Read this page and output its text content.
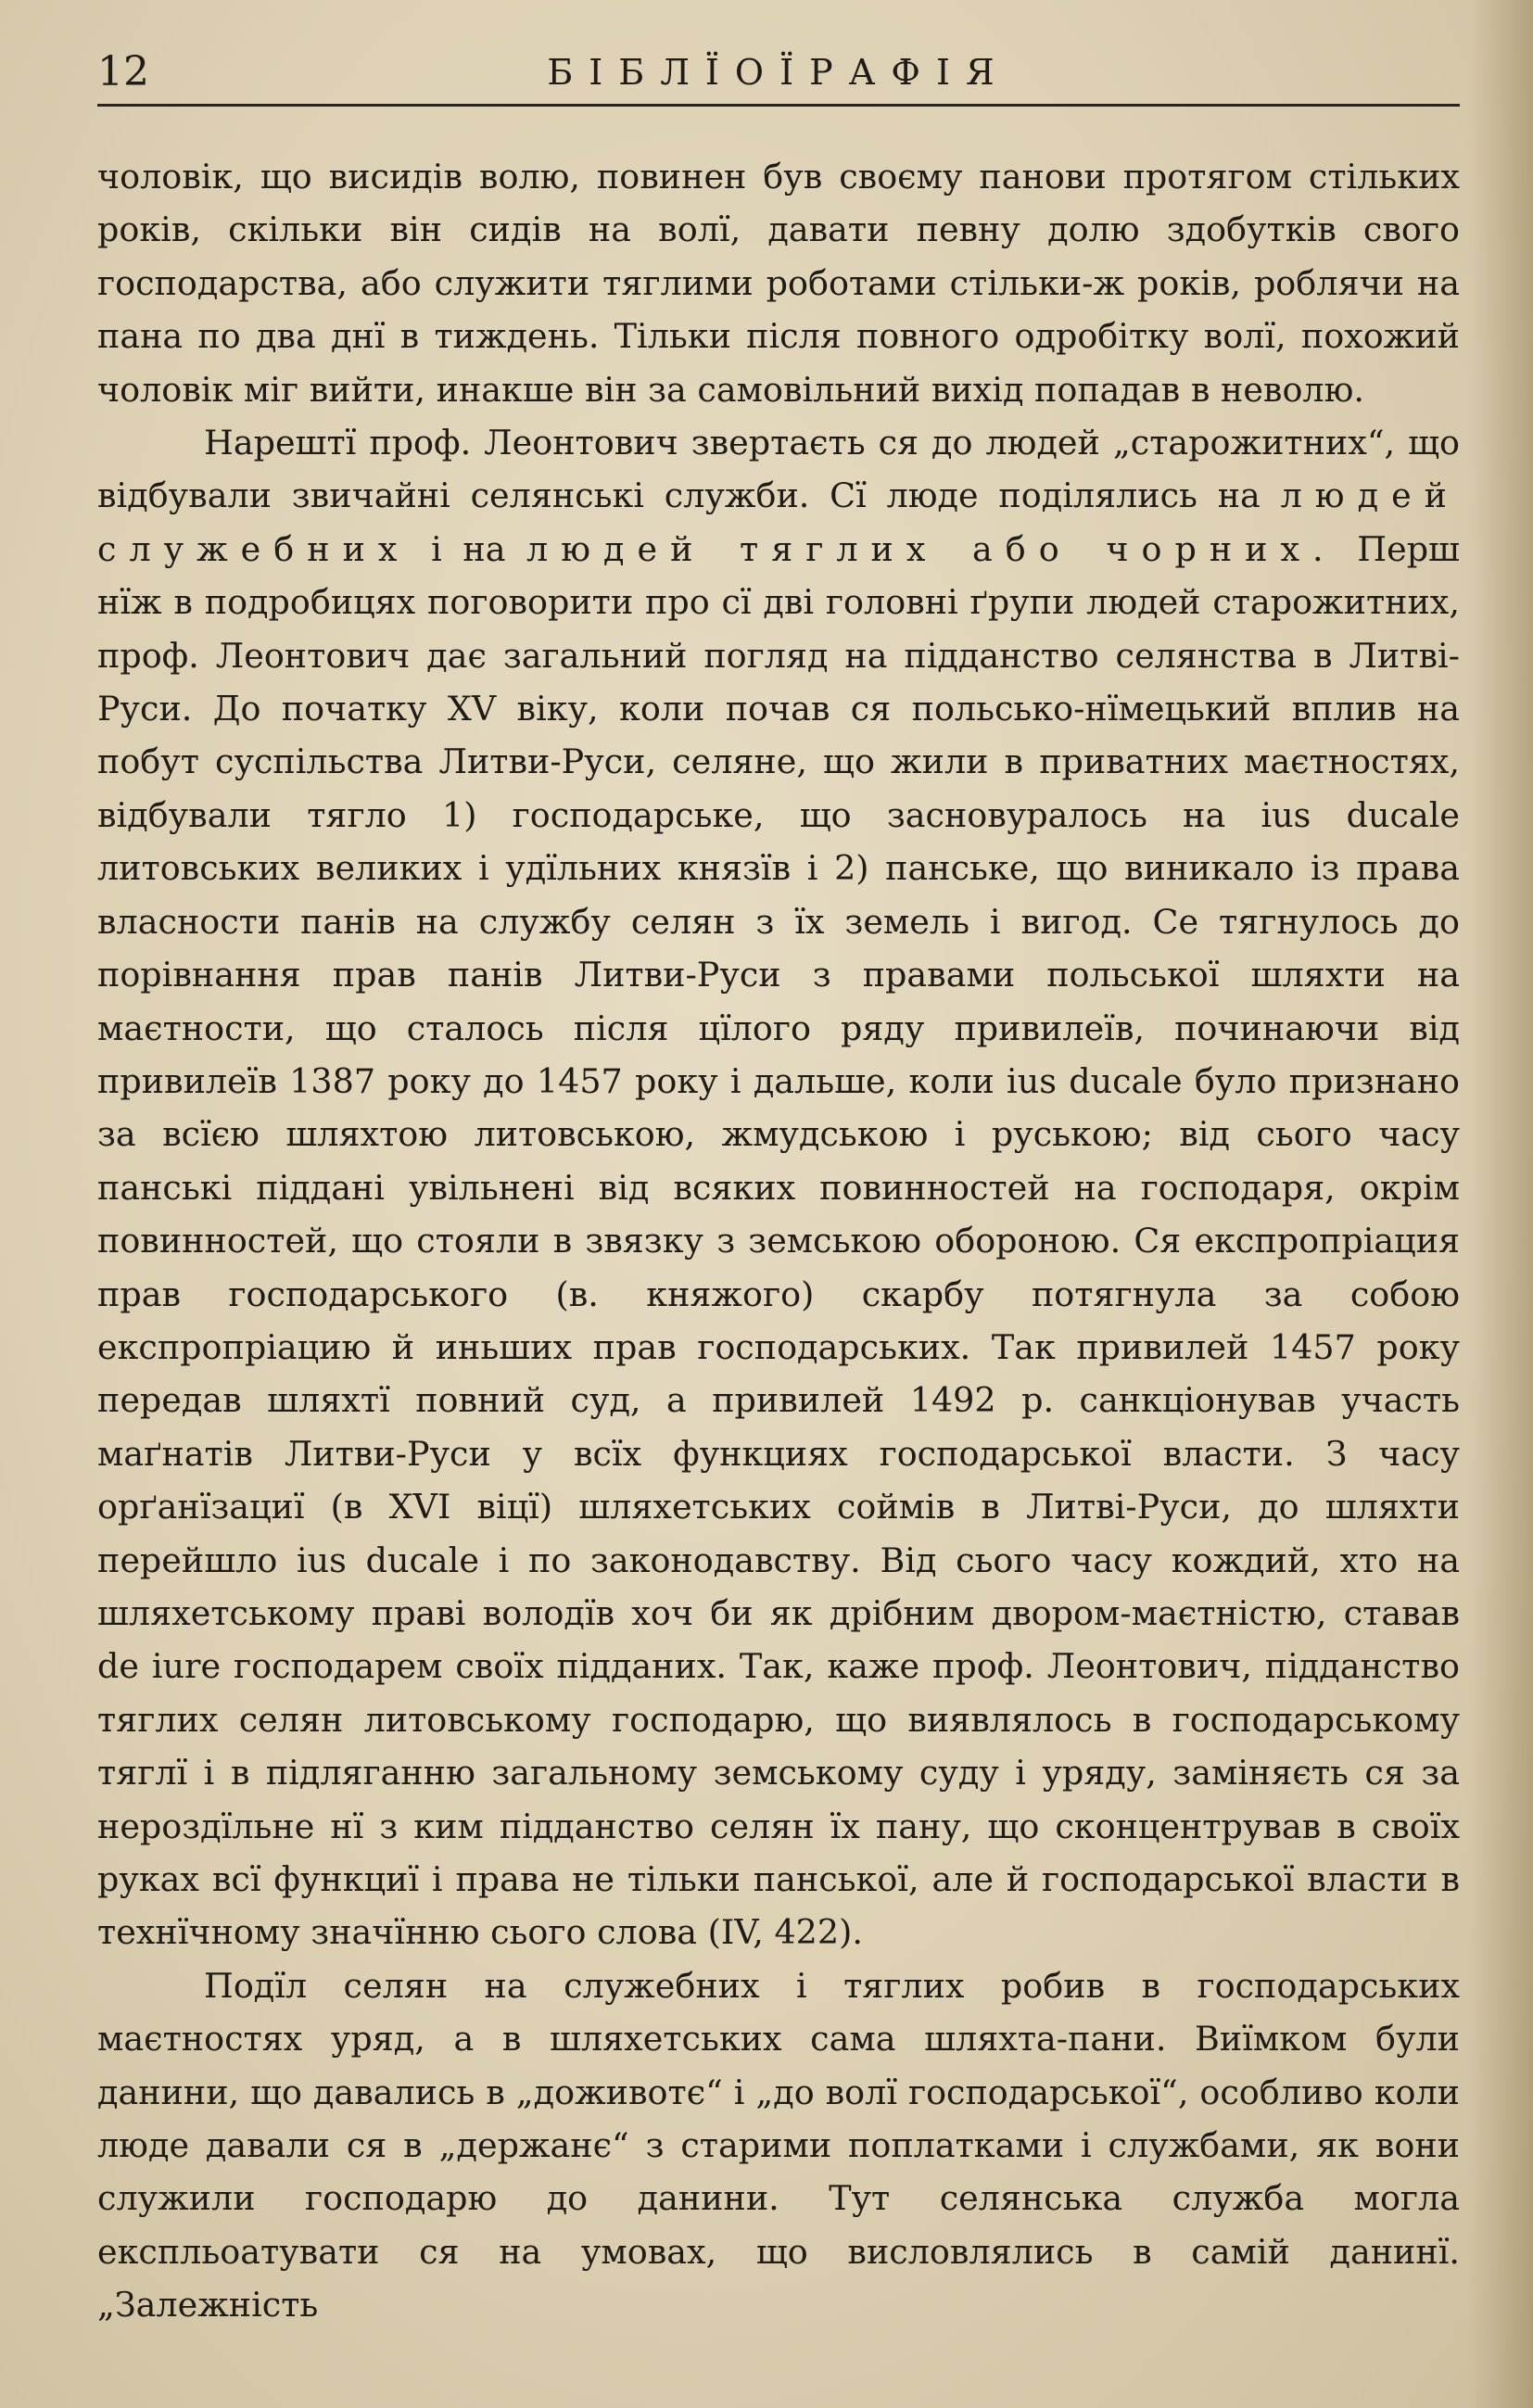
БІБЛЇОЇРАФІЯ
12

чоловік, що висидів волю, повинен був своєму панови протягом стільких років, скільки він сидів на волї, давати певну долю здобутків свого господарства, або служити тяглими роботами стільки-ж років, роблячи на пана по два днї в тиждень. Тільки після повного одробітку волї, похожий чоловік міг вийти, инакше він за самовільний вихід попадав в неволю.

Нарештї проф. Леонтович звертаєть ся до людей „старожитних“, що відбували звичайні селянські служби. Сї люде поділялись на людей служебних і на людей тяглих або чорних. Перш нїж в подробицях поговорити про сї дві головні ґрупи людей старожитних, проф. Леонтович дає загальний погляд на підданство селянства в Литві-Руси. До початку XV віку, коли почав ся польсько-нїмецький вплив на побут суспільства Литви-Руси, селяне, що жили в приватних маєтностях, відбували тягло 1) господарське, що засновуралось на ius ducale литовських великих і удїльних князїв і 2) панське, що виникало із права власности панів на службу селян з їх земель і вигод. Се тягнулось до порівнання прав панів Литви-Руси з правами польської шляхти на маєтности, що сталось після цїлого ряду привилеїв, починаючи від привилеїв 1387 року до 1457 року і дальше, коли ius ducale було признано за всїєю шляхтою литовською, жмудською і руською; від сього часу панські піддані увільнені від всяких повинностей на господаря, окрім повинностей, що стояли в звязку з земською обороною. Ся експропріация прав господарського (в. княжого) скарбу потягнула за собою експропріацию й иньших прав господарських. Так привилей 1457 року передав шляхтї повний суд, а привилей 1492 р. санкціонував участь маґнатів Литви-Руси у всїх функциях господарської власти. З часу орґанїзациї (в XVI віцї) шляхетських соймів в Литві-Руси, до шляхти перейшло ius ducale і по законодавству. Від сього часу кождий, хто на шляхетському праві володїв хоч би як дрібним двором-маєтністю, ставав de iure господарем своїх підданих. Так, каже проф. Леонтович, підданство тяглих селян литовському господарю, що виявлялось в господарському тяглї і в підляганню загальному земському суду і уряду, заміняєть ся за нероздїльне нї з ким підданство селян їх пану, що сконцентрував в своїх руках всї функциї і права не тільки панської, але й господарської власти в технїчному значїнню сього слова (IV, 422).

Подїл селян на служебних і тяглих робив в господарських маєтностях уряд, а в шляхетських сама шляхта-пани. Виїмком були данини, що давались в „доживотє“ і „до волї господарської“, особливо коли люде давали ся в „держанє“ з старими поплатками і службами, як вони служили господарю до данини. Тут селянська служба могла експльоатувати ся на умовах, що висловлялись в самій данинї. „Залежність
